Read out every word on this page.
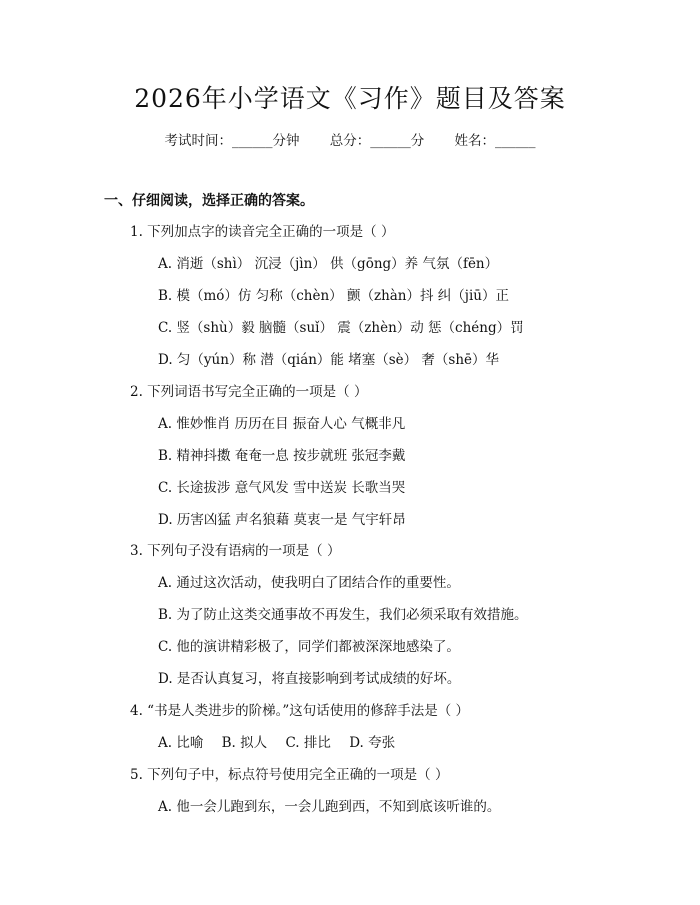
2026年小学语文《习作》题目及答案
考试时间：______分钟 总分：______分 姓名：______
一、仔细阅读，选择正确的答案。
1. 下列加点字的读音完全正确的一项是（ ）
A. 消逝（shì） 沉浸（jìn） 供（gōng）养 气氛（fēn）
B. 模（mó）仿 匀称（chèn） 颤（zhàn）抖 纠（jiū）正
C. 竖（shù）毅 脑髓（suǐ） 震（zhèn）动 惩（chéng）罚
D. 匀（yún）称 潜（qián）能 堵塞（sè） 奢（shē）华
2. 下列词语书写完全正确的一项是（ ）
A. 惟妙惟肖 历历在目 振奋人心 气概非凡
B. 精神抖擞 奄奄一息 按步就班 张冠李戴
C. 长途拔涉 意气风发 雪中送炭 长歌当哭
D. 历害凶猛 声名狼藉 莫衷一是 气宇轩昂
3. 下列句子没有语病的一项是（ ）
A. 通过这次活动，使我明白了团结合作的重要性。
B. 为了防止这类交通事故不再发生，我们必须采取有效措施。
C. 他的演讲精彩极了，同学们都被深深地感染了。
D. 是否认真复习，将直接影响到考试成绩的好坏。
4. “书是人类进步的阶梯。”这句话使用的修辞手法是（ ）
A. 比喻 B. 拟人 C. 排比 D. 夸张
5. 下列句子中，标点符号使用完全正确的一项是（ ）
A. 他一会儿跑到东，一会儿跑到西，不知到底该听谁的。
